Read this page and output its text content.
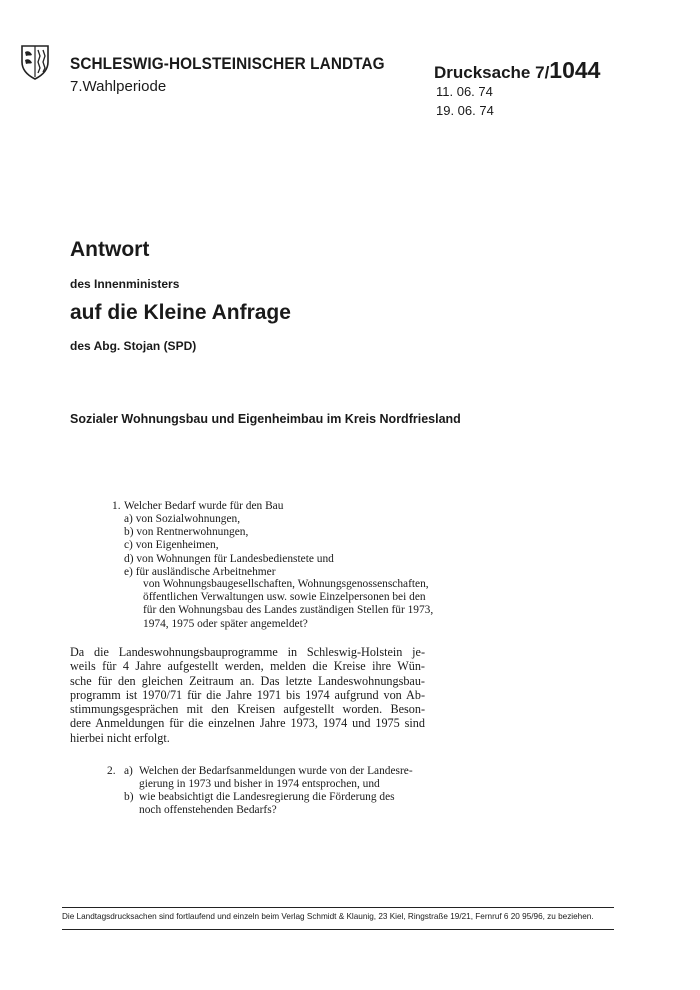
SCHLESWIG-HOLSTEINISCHER LANDTAG
7.Wahlperiode
Drucksache 7/1044
11. 06. 74
19. 06. 74
Antwort
des Innenministers
auf die Kleine Anfrage
des Abg. Stojan (SPD)
Sozialer Wohnungsbau und Eigenheimbau im Kreis Nordfriesland
1. Welcher Bedarf wurde für den Bau
a) von Sozialwohnungen,
b) von Rentnerwohnungen,
c) von Eigenheimen,
d) von Wohnungen für Landesbedienstete und
e) für ausländische Arbeitnehmer
von Wohnungsbaugesellschaften, Wohnungsgenossenschaften,
öffentlichen Verwaltungen usw. sowie Einzelpersonen bei den
für den Wohnungsbau des Landes zuständigen Stellen für 1973,
1974, 1975 oder später angemeldet?
Da die Landeswohnungsbauprogramme in Schleswig-Holstein je-
weils für 4 Jahre aufgestellt werden, melden die Kreise ihre Wün-
sche für den gleichen Zeitraum an. Das letzte Landeswohnungsbau-
programm ist 1970/71 für die Jahre 1971 bis 1974 aufgrund von Ab-
stimmungsgesprächen mit den Kreisen aufgestellt worden. Beson-
dere Anmeldungen für die einzelnen Jahre 1973, 1974 und 1975 sind
hierbei nicht erfolgt.
2. a) Welchen der Bedarfsanmeldungen wurde von der Landesre-
gierung in 1973 und bisher in 1974 entsprochen, und
b) wie beabsichtigt die Landesregierung die Förderung des
noch offenstehenden Bedarfs?
Die Landtagsdrucksachen sind fortlaufend und einzeln beim Verlag Schmidt & Klaunig, 23 Kiel, Ringstraße 19/21, Fernruf 6 20 95/96, zu beziehen.
